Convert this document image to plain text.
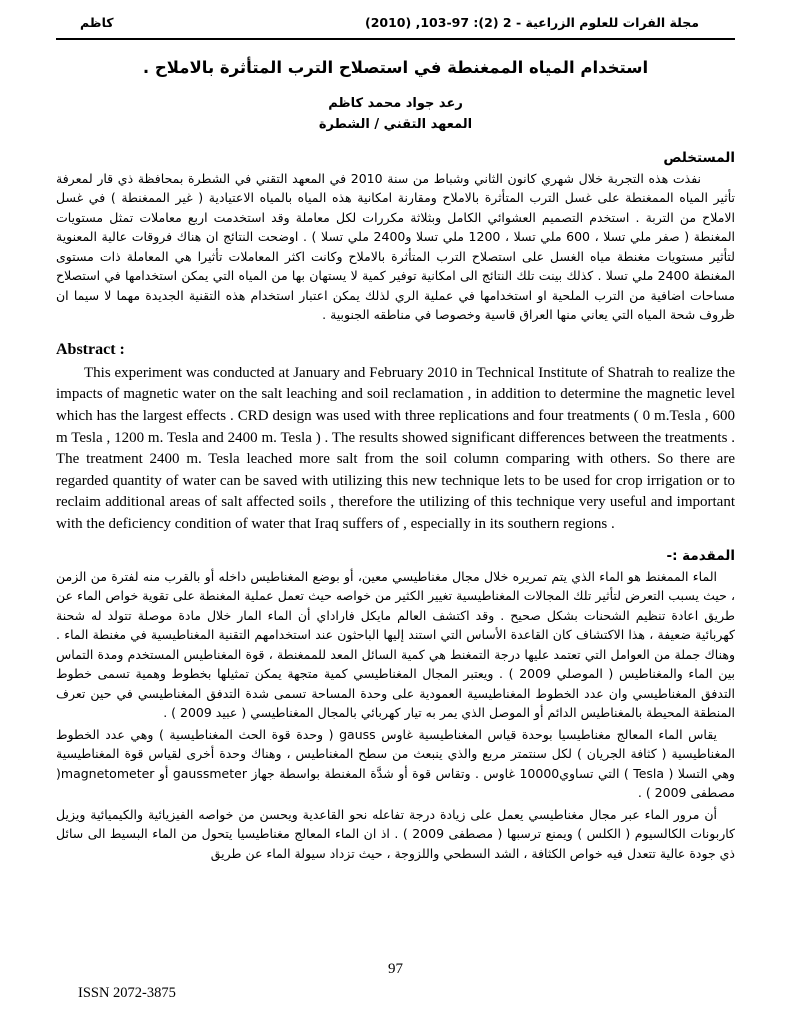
مجلة الفرات للعلوم الزراعية - 2 (2): 97-103, (2010)
كاظم
استخدام المياه الممغنطة في استصلاح الترب المتأثرة بالاملاح .
رعد جواد محمد كاظم
المعهد التقني / الشطرة
المستخلص

نفذت هذه التجربة خلال شهري كانون الثاني وشباط من سنة 2010 في المعهد التقني في الشطرة بمحافظة ذي قار لمعرفة تأثير المياه الممغنطة على غسل الترب المتأثرة بالاملاح ومقارنة امكانية هذه المياه بالمياه الاعتيادية ( غير الممغنطة ) في غسل الاملاح من التربة . استخدم التصميم العشوائي الكامل وبثلاثة مكررات لكل معاملة وقد استخدمت اربع معاملات تمثل مستويات المغنطة ( صفر ملي تسلا ، 600 ملي تسلا ، 1200 ملي تسلا و2400 ملي تسلا ) . اوضحت النتائج ان هناك فروقات عالية المعنوية لتأثير مستويات مغنطة مياه الغسل على استصلاح الترب المتأثرة بالاملاح وكانت اكثر المعاملات تأثيرا هي المعاملة ذات مستوى المغنطة 2400 ملي تسلا . كذلك بينت تلك النتائج الى امكانية توفير كمية لا يستهان بها من المياه التي يمكن استخدامها في استصلاح مساحات اضافية من الترب الملحية او استخدامها في عملية الري لذلك يمكن اعتبار استخدام هذه التقنية الجديدة مهما لا سيما ان ظروف شحة المياه التي يعاني منها العراق قاسية وخصوصا في مناطقه الجنوبية .

Abstract :

This experiment was conducted at January and February 2010 in Technical Institute of Shatrah to realize the impacts of magnetic water on the salt leaching and soil reclamation , in addition to determine the magnetic level which has the largest effects . CRD design was used with three replications and four treatments ( 0 m.Tesla , 600 m Tesla , 1200 m. Tesla and 2400 m. Tesla ) . The results showed significant differences between the treatments . The treatment 2400 m. Tesla leached more salt from the soil column comparing with others. So there are regarded quantity of water can be saved with utilizing this new technique lets to be used for crop irrigation or to reclaim additional areas of salt affected soils , therefore the utilizing of this technique very useful and important with the deficiency condition of water that Iraq suffers of , especially in its southern regions .

المقدمة :-

الماء الممغنط هو الماء الذي يتم تمريره خلال مجال مغناطيسي معين، أو بوضع المغناطيس داخله أو بالقرب منه لفترة من الزمن ، حيث يسبب التعرض لتأثير تلك المجالات المغناطيسية تغيير الكثير من خواصه حيث تعمل عملية المغنطة على تقوية خواص الماء عن طريق اعادة تنظيم الشحنات بشكل صحيح . وقد اكتشف العالم مايكل فاراداي أن الماء المار خلال مادة موصلة تتولد له شحنة كهربائية ضعيفة ، هذا الاكتشاف كان القاعدة الأساس التي استند إليها الباحثون عند استخدامهم التقنية المغناطيسية في مغنطة الماء . وهناك جملة من العوامل التي تعتمد عليها درجة التمغنط هي كمية السائل المعد للممغنطة ، قوة المغناطيس المستخدم ومدة التماس بين الماء والمغناطيس ( الموصلي 2009 ) . ويعتبر المجال المغناطيسي كمية متجهة يمكن تمثيلها بخطوط وهمية تسمى خطوط التدفق المغناطيسي وان عدد الخطوط المغناطيسية العمودية على وحدة المساحة تسمى شدة التدفق المغناطيسي في حين تعرف المنطقة المحيطة بالمغناطيس الدائم أو الموصل الذي يمر به تيار كهربائي بالمجال المغناطيسي ( عبيد 2009 ) .

يقاس الماء المعالج مغناطيسيا بوحدة قياس المغناطيسية غاوس gauss ( وحدة قوة الحث المغناطيسية ) وهي عدد الخطوط المغناطيسية ( كثافة الجريان ) لكل سنتمتر مربع والذي ينبعث من سطح المغناطيس ، وهناك وحدة أخرى لقياس قوة المغناطيسية وهي التسلا ( Tesla ) التي تساوي10000 غاوس . وتقاس قوة أو شدَّة المغنطة بواسطة جهاز gaussmeter أو magnetometer( مصطفى 2009 ) .

أن مرور الماء عبر مجال مغناطيسي يعمل على زيادة درجة تفاعله نحو القاعدية ويحسن من خواصه الفيزيائية والكيميائية ويزيل كاربونات الكالسيوم ( الكلس ) ويمنع ترسبها ( مصطفى 2009 ) . اذ ان الماء المعالج مغناطيسيا يتحول من الماء البسيط الى سائل ذي جودة عالية تتعدل فيه خواص الكثافة ، الشد السطحي واللزوجة ، حيث تزداد سيولة الماء عن طريق

97
ISSN 2072-3875
